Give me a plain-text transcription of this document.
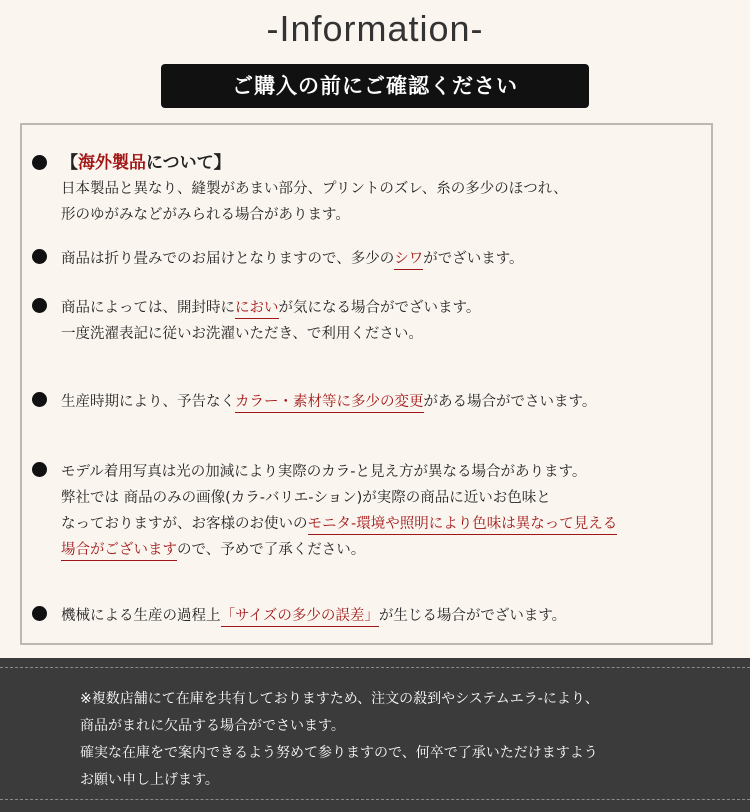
-Information-
ご購入の前にご確認ください
【海外製品について】
日本製品と異なり、縫製があまい部分、プリントのズレ、糸の多少のほつれ、
形のゆがみなどがみられる場合があります。
商品は折り畳みでのお届けとなりますので、多少のシワがでざいます。
商品によっては、開封時ににおいが気になる場合がでざいます。
一度洗濯表記に従いお洗濯いただき、で利用ください。
生産時期により、予告なくカラー・素材等に多少の変更がある場合がでさいます。
モデル着用写真は光の加減により実際のカラ-と見え方が異なる場合があります。
弊社では 商品のみの画像(カラ-バリエ-ション)が実際の商品に近いお色味と
なっておりますが、お客様のお使いのモニタ-環境や照明により色味は異なって見える
場合がございますので、予めで了承ください。
機械による生産の過程上「サイズの多少の誤差」が生じる場合がでざいます。
※複数店舗にて在庫を共有しておりますため、注文の殺到やシステムエラ-により、
商品がまれに欠品する場合がでさいます。
確実な在庫をで案内できるよう努めて参りますので、何卒で了承いただけますよう
お願い申し上げます。
